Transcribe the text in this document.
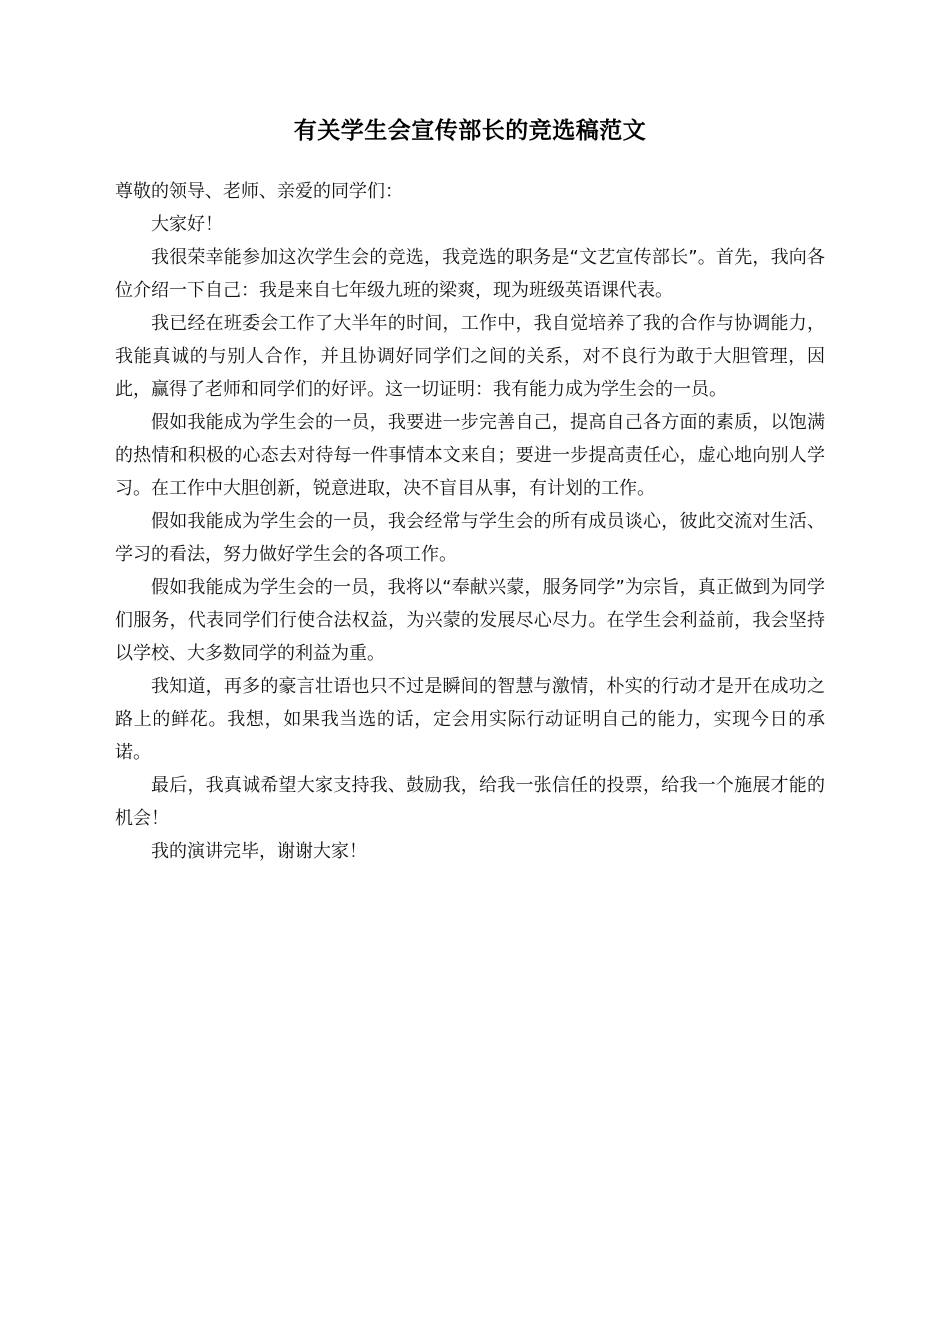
有关学生会宣传部长的竞选稿范文

尊敬的领导、老师、亲爱的同学们：

大家好！

我很荣幸能参加这次学生会的竞选，我竞选的职务是“文艺宣传部长”。首先，我向各位介绍一下自己：我是来自七年级九班的梁爽，现为班级英语课代表。

我已经在班委会工作了大半年的时间，工作中，我自觉培养了我的合作与协调能力，我能真诚的与别人合作，并且协调好同学们之间的关系，对不良行为敢于大胆管理，因此，赢得了老师和同学们的好评。这一切证明：我有能力成为学生会的一员。

假如我能成为学生会的一员，我要进一步完善自己，提高自己各方面的素质，以饱满的热情和积极的心态去对待每一件事情本文来自；要进一步提高责任心，虚心地向别人学习。在工作中大胆创新，锐意进取，决不盲目从事，有计划的工作。

假如我能成为学生会的一员，我会经常与学生会的所有成员谈心，彼此交流对生活、学习的看法，努力做好学生会的各项工作。

假如我能成为学生会的一员，我将以“奉献兴蒙，服务同学”为宗旨，真正做到为同学们服务，代表同学们行使合法权益，为兴蒙的发展尽心尽力。在学生会利益前，我会坚持以学校、大多数同学的利益为重。

我知道，再多的豪言壮语也只不过是瞬间的智慧与激情，朴实的行动才是开在成功之路上的鲜花。我想，如果我当选的话，定会用实际行动证明自己的能力，实现今日的承诺。

最后，我真诚希望大家支持我、鼓励我，给我一张信任的投票，给我一个施展才能的机会！

我的演讲完毕，谢谢大家！
